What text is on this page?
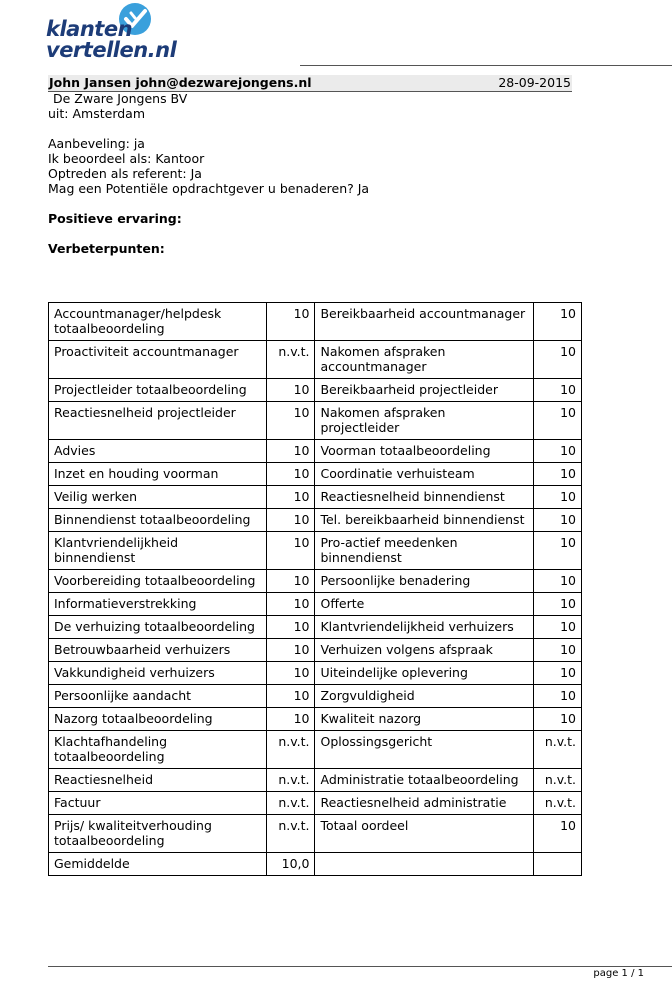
klanten
vertellen.nl
John Jansen john@dezwarejongens.nl	28-09-2015
De Zware Jongens BV
uit: Amsterdam
Aanbeveling: ja
Ik beoordeel als: Kantoor
Optreden als referent: Ja
Mag een Potentiële opdrachtgever u benaderen? Ja
Positieve ervaring:
Verbeterpunten:
Accountmanager/helpdesk totaalbeoordeling	10	Bereikbaarheid accountmanager	10
Proactiviteit accountmanager	n.v.t.	Nakomen afspraken accountmanager	10
Projectleider totaalbeoordeling	10	Bereikbaarheid projectleider	10
Reactiesnelheid projectleider	10	Nakomen afspraken projectleider	10
Advies	10	Voorman totaalbeoordeling	10
Inzet en houding voorman	10	Coordinatie verhuisteam	10
Veilig werken	10	Reactiesnelheid binnendienst	10
Binnendienst totaalbeoordeling	10	Tel. bereikbaarheid binnendienst	10
Klantvriendelijkheid binnendienst	10	Pro-actief meedenken binnendienst	10
Voorbereiding totaalbeoordeling	10	Persoonlijke benadering	10
Informatieverstrekking	10	Offerte	10
De verhuizing totaalbeoordeling	10	Klantvriendelijkheid verhuizers	10
Betrouwbaarheid verhuizers	10	Verhuizen volgens afspraak	10
Vakkundigheid verhuizers	10	Uiteindelijke oplevering	10
Persoonlijke aandacht	10	Zorgvuldigheid	10
Nazorg totaalbeoordeling	10	Kwaliteit nazorg	10
Klachtafhandeling totaalbeoordeling	n.v.t.	Oplossingsgericht	n.v.t.
Reactiesnelheid	n.v.t.	Administratie totaalbeoordeling	n.v.t.
Factuur	n.v.t.	Reactiesnelheid administratie	n.v.t.
Prijs/ kwaliteitverhouding totaalbeoordeling	n.v.t.	Totaal oordeel	10
Gemiddelde	10,0		
page 1 / 1
